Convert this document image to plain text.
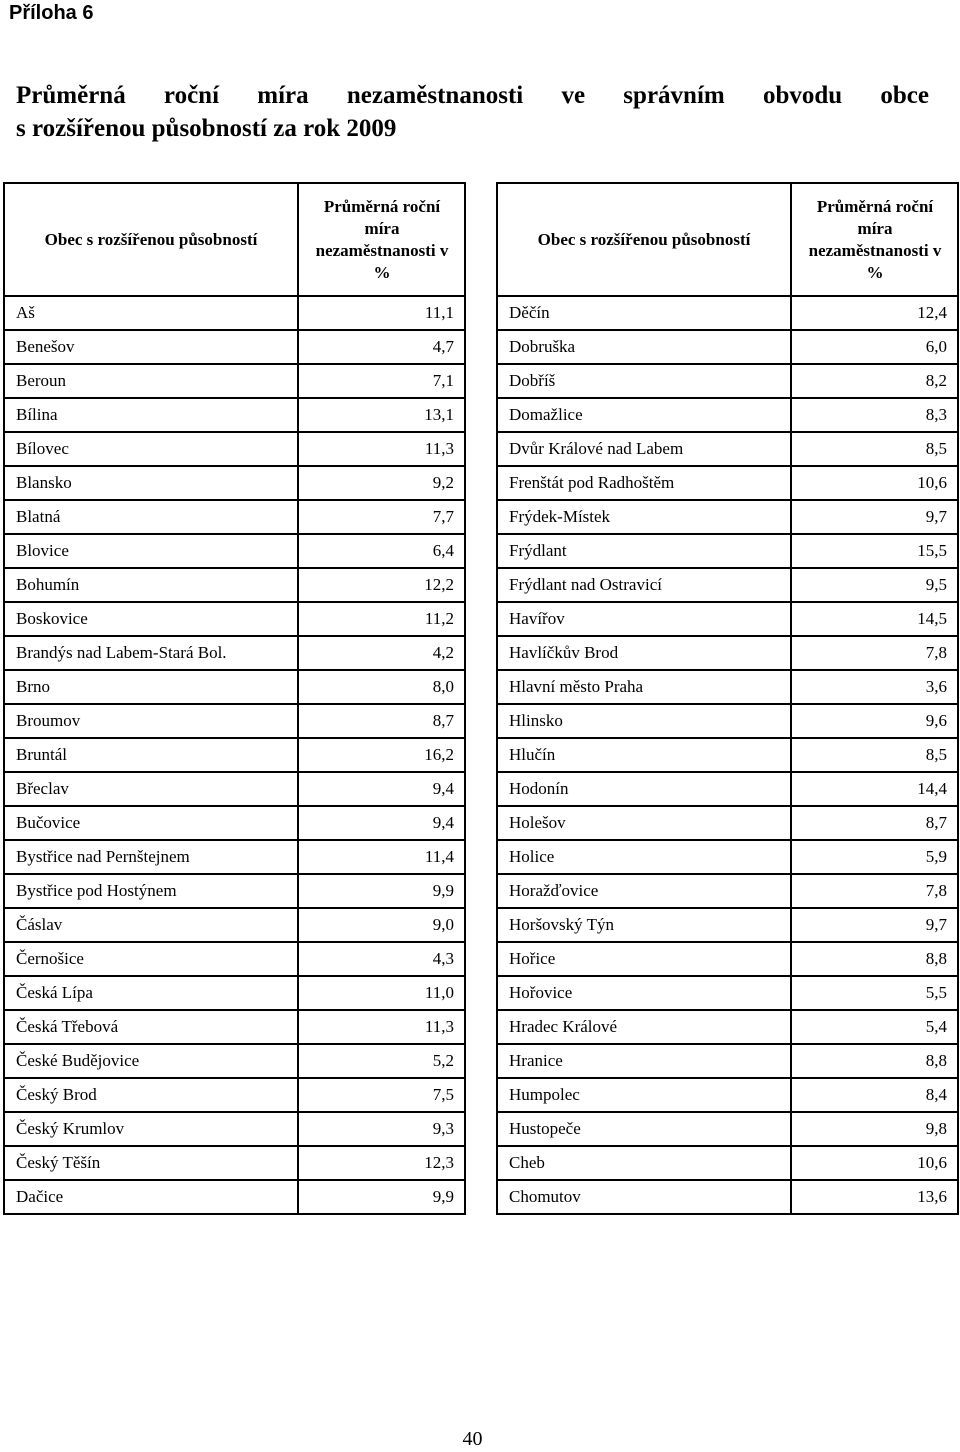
Příloha 6
Průměrná roční míra nezaměstnanosti ve správním obvodu obce
s rozšířenou působností za rok 2009
Obec s rozšířenou působností	Průměrná roční míra nezaměstnanosti v %

Aš	11,1
Benešov	4,7
Beroun	7,1
Bílina	13,1
Bílovec	11,3
Blansko	9,2
Blatná	7,7
Blovice	6,4
Bohumín	12,2
Boskovice	11,2
Brandýs nad Labem-Stará Bol.	4,2
Brno	8,0
Broumov	8,7
Bruntál	16,2
Břeclav	9,4
Bučovice	9,4
Bystřice nad Pernštejnem	11,4
Bystřice pod Hostýnem	9,9
Čáslav	9,0
Černošice	4,3
Česká Lípa	11,0
Česká Třebová	11,3
České Budějovice	5,2
Český Brod	7,5
Český Krumlov	9,3
Český Těšín	12,3
Dačice	9,9
Obec s rozšířenou působností	Průměrná roční míra nezaměstnanosti v %

Děčín	12,4
Dobruška	6,0
Dobříš	8,2
Domažlice	8,3
Dvůr Králové nad Labem	8,5
Frenštát pod Radhoštěm	10,6
Frýdek-Místek	9,7
Frýdlant	15,5
Frýdlant nad Ostravicí	9,5
Havířov	14,5
Havlíčkův Brod	7,8
Hlavní město Praha	3,6
Hlinsko	9,6
Hlučín	8,5
Hodonín	14,4
Holešov	8,7
Holice	5,9
Horažďovice	7,8
Horšovský Týn	9,7
Hořice	8,8
Hořovice	5,5
Hradec Králové	5,4
Hranice	8,8
Humpolec	8,4
Hustopeče	9,8
Cheb	10,6
Chomutov	13,6
40
